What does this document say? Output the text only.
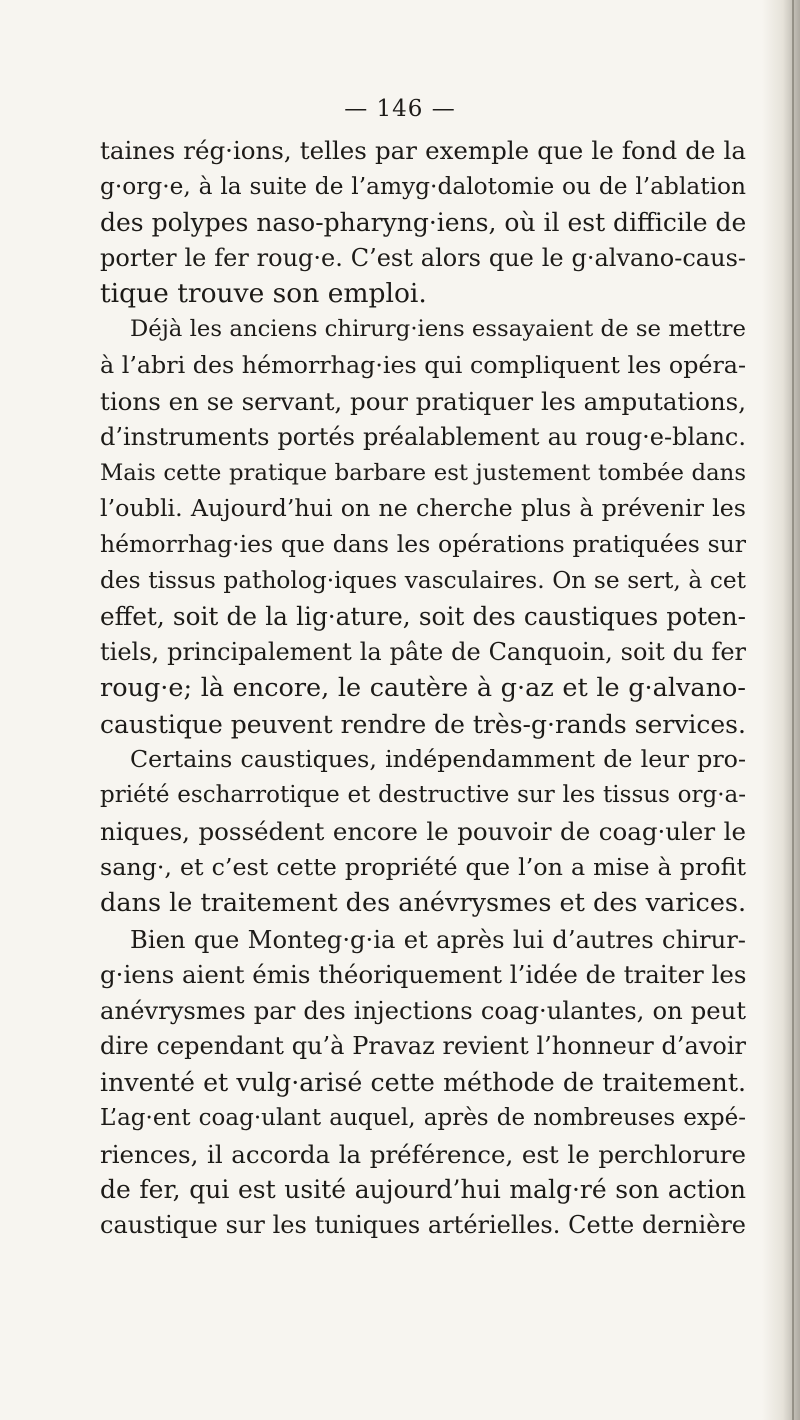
— 146 —
taines rég·ions, telles par exemple que le fond de la
g·org·e, à la suite de l’amyg·dalotomie ou de l’ablation
des polypes naso-pharyng·iens, où il est difficile de
porter le fer roug·e. C’est alors que le g·alvano-caus-
tique trouve son emploi.
Déjà les anciens chirurg·iens essayaient de se mettre
à l’abri des hémorrhag·ies qui compliquent les opéra-
tions en se servant, pour pratiquer les amputations,
d’instruments portés préalablement au roug·e-blanc.
Mais cette pratique barbare est justement tombée dans
l’oubli. Aujourd’hui on ne cherche plus à prévenir les
hémorrhag·ies que dans les opérations pratiquées sur
des tissus patholog·iques vasculaires. On se sert, à cet
effet, soit de la lig·ature, soit des caustiques poten-
tiels, principalement la pâte de Canquoin, soit du fer
roug·e; là encore, le cautère à g·az et le g·alvano-
caustique peuvent rendre de très-g·rands services.
Certains caustiques, indépendamment de leur pro-
priété escharrotique et destructive sur les tissus org·a-
niques, possédent encore le pouvoir de coag·uler le
sang·, et c’est cette propriété que l’on a mise à profit
dans le traitement des anévrysmes et des varices.
Bien que Monteg·g·ia et après lui d’autres chirur-
g·iens aient émis théoriquement l’idée de traiter les
anévrysmes par des injections coag·ulantes, on peut
dire cependant qu’à Pravaz revient l’honneur d’avoir
inventé et vulg·arisé cette méthode de traitement.
L’ag·ent coag·ulant auquel, après de nombreuses expé-
riences, il accorda la préférence, est le perchlorure
de fer, qui est usité aujourd’hui malg·ré son action
caustique sur les tuniques artérielles. Cette dernière
